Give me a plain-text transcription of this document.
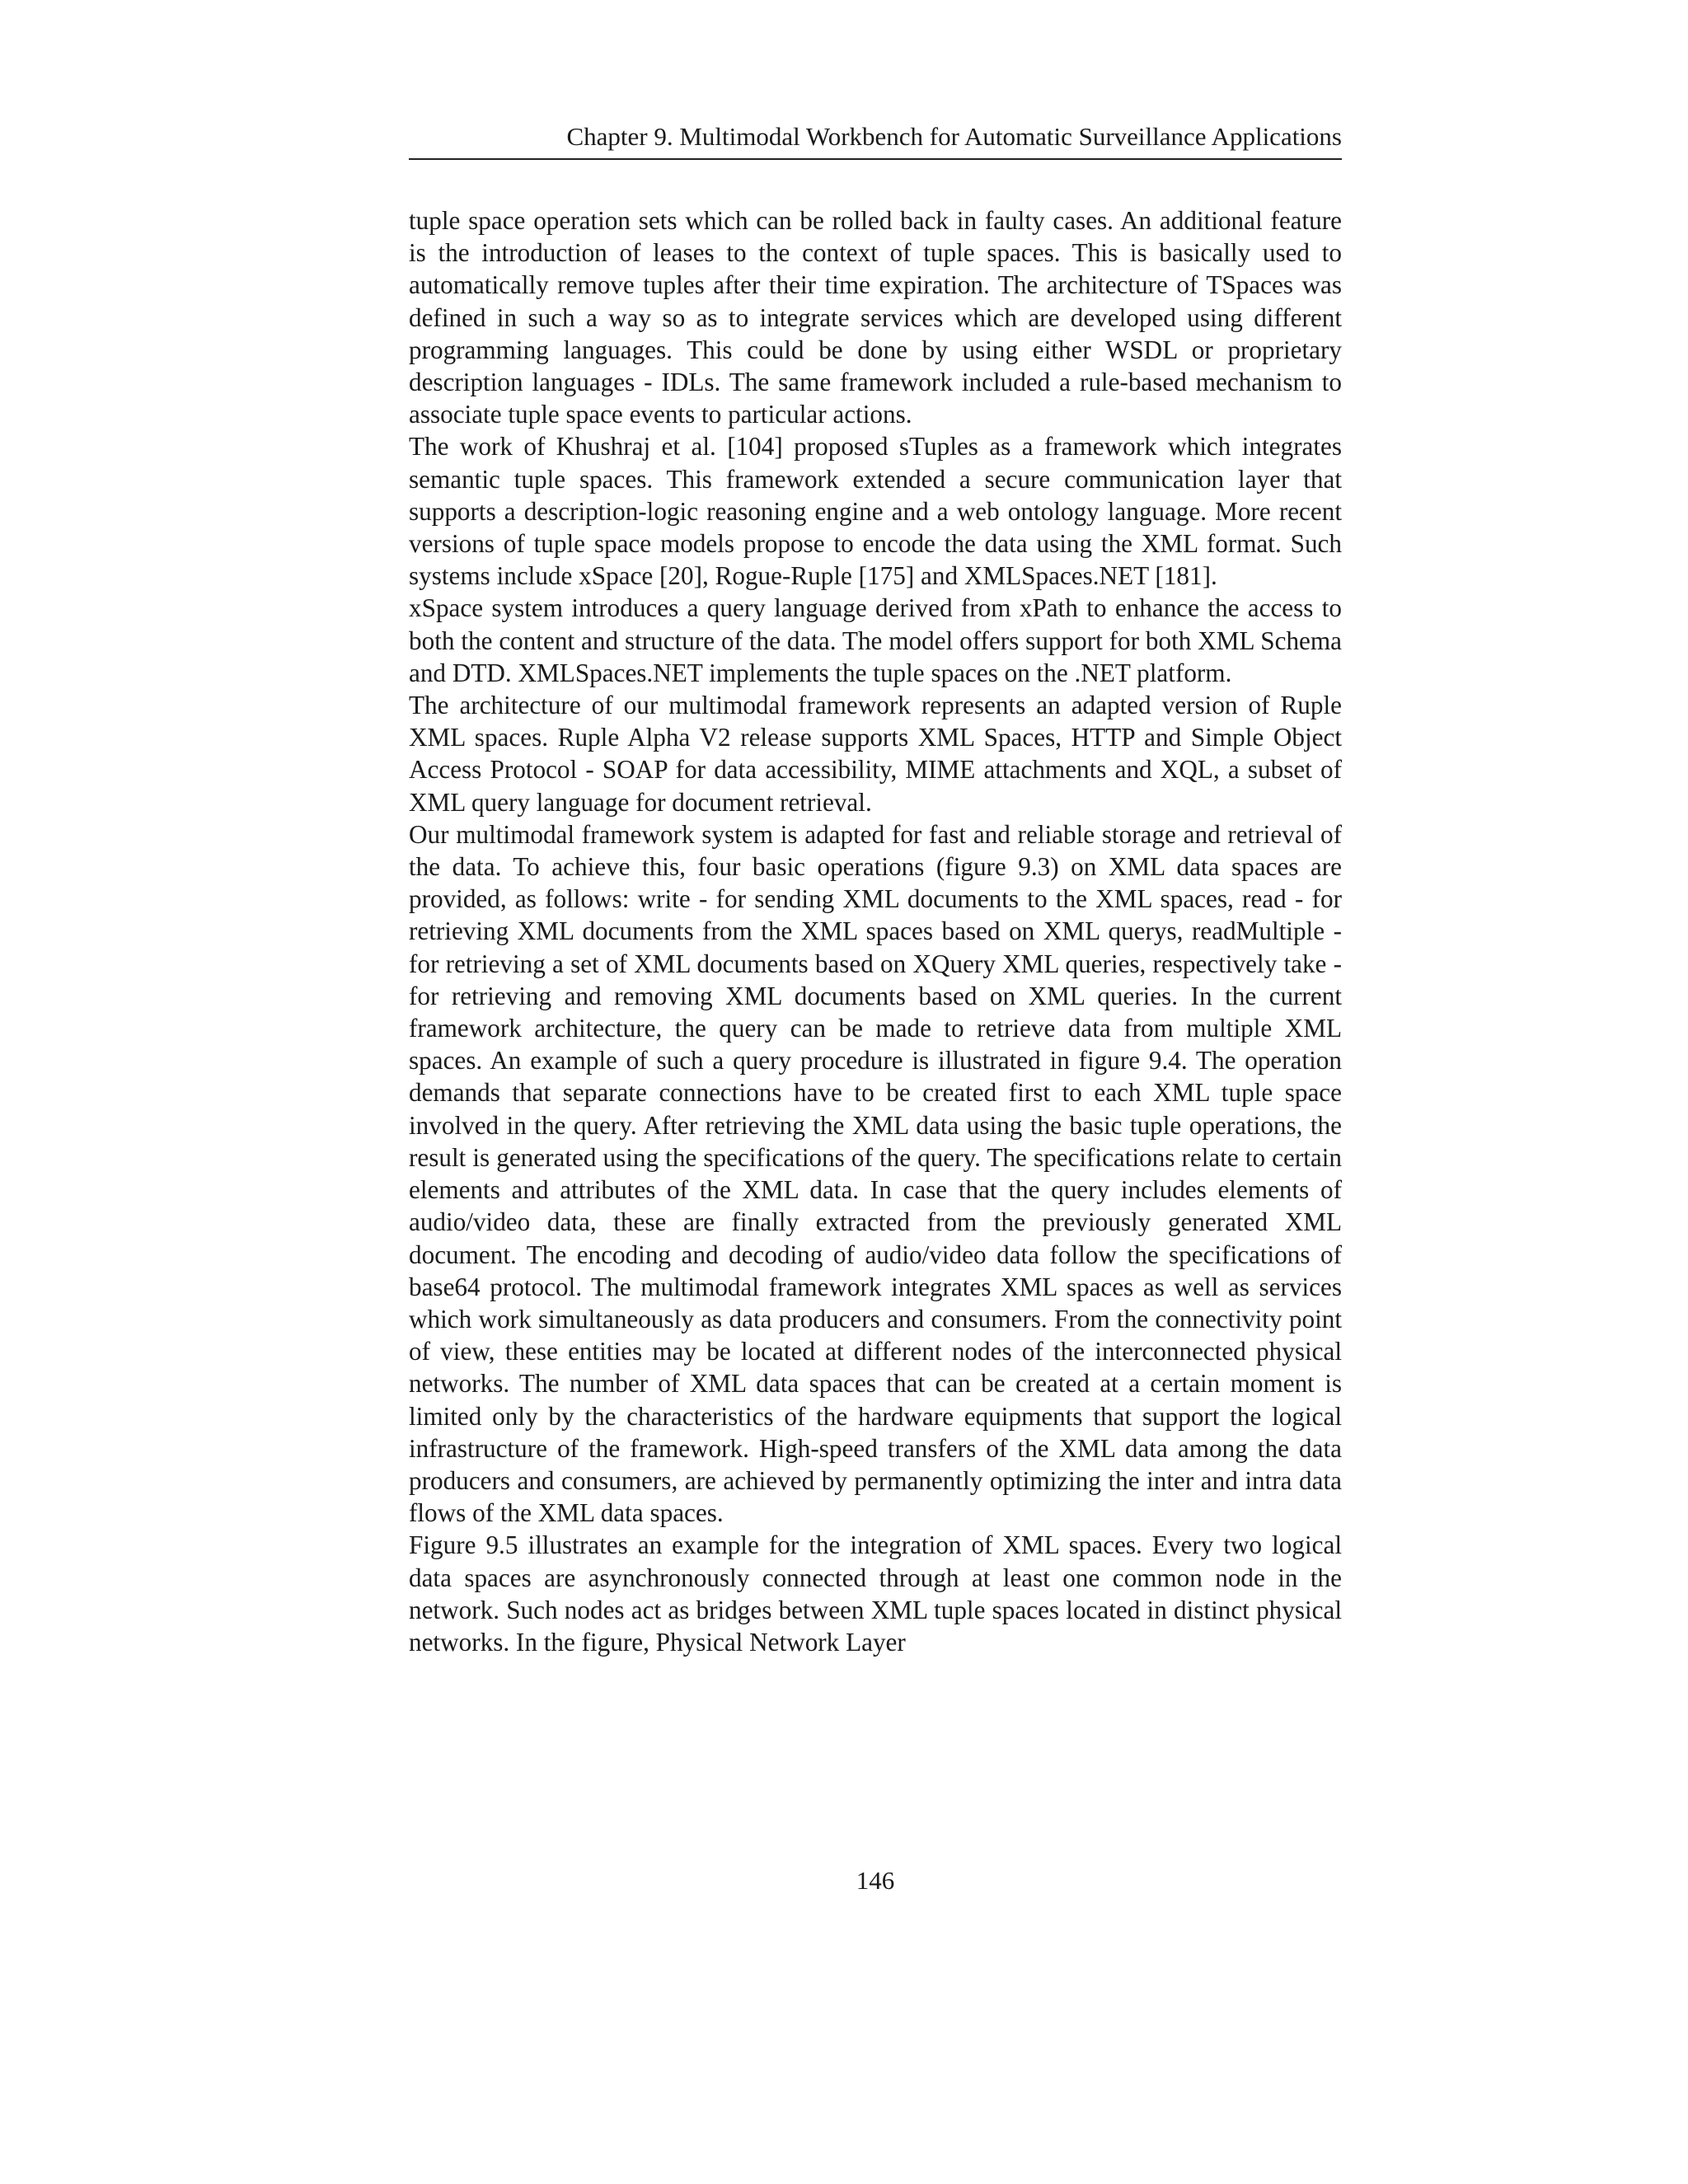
Chapter 9. Multimodal Workbench for Automatic Surveillance Applications

tuple space operation sets which can be rolled back in faulty cases. An additional feature is the introduction of leases to the context of tuple spaces. This is basically used to automatically remove tuples after their time expiration. The architecture of TSpaces was defined in such a way so as to integrate services which are developed using different programming languages. This could be done by using either WSDL or proprietary description languages - IDLs. The same framework included a rule-based mechanism to associate tuple space events to particular actions.

The work of Khushraj et al. [104] proposed sTuples as a framework which integrates semantic tuple spaces. This framework extended a secure communication layer that supports a description-logic reasoning engine and a web ontology language. More recent versions of tuple space models propose to encode the data using the XML format. Such systems include xSpace [20], Rogue-Ruple [175] and XMLSpaces.NET [181].

xSpace system introduces a query language derived from xPath to enhance the access to both the content and structure of the data. The model offers support for both XML Schema and DTD. XMLSpaces.NET implements the tuple spaces on the .NET platform.

The architecture of our multimodal framework represents an adapted version of Ruple XML spaces. Ruple Alpha V2 release supports XML Spaces, HTTP and Simple Object Access Protocol - SOAP for data accessibility, MIME attachments and XQL, a subset of XML query language for document retrieval.

Our multimodal framework system is adapted for fast and reliable storage and retrieval of the data. To achieve this, four basic operations (figure 9.3) on XML data spaces are provided, as follows: write - for sending XML documents to the XML spaces, read - for retrieving XML documents from the XML spaces based on XML querys, readMultiple - for retrieving a set of XML documents based on XQuery XML queries, respectively take - for retrieving and removing XML documents based on XML queries. In the current framework architecture, the query can be made to retrieve data from multiple XML spaces. An example of such a query procedure is illustrated in figure 9.4. The operation demands that separate connections have to be created first to each XML tuple space involved in the query. After retrieving the XML data using the basic tuple operations, the result is generated using the specifications of the query. The specifications relate to certain elements and attributes of the XML data. In case that the query includes elements of audio/video data, these are finally extracted from the previously generated XML document. The encoding and decoding of audio/video data follow the specifications of base64 protocol. The multimodal framework integrates XML spaces as well as services which work simultaneously as data producers and consumers. From the connectivity point of view, these entities may be located at different nodes of the interconnected physical networks. The number of XML data spaces that can be created at a certain moment is limited only by the characteristics of the hardware equipments that support the logical infrastructure of the framework. High-speed transfers of the XML data among the data producers and consumers, are achieved by permanently optimizing the inter and intra data flows of the XML data spaces.

Figure 9.5 illustrates an example for the integration of XML spaces. Every two logical data spaces are asynchronously connected through at least one common node in the network. Such nodes act as bridges between XML tuple spaces located in distinct physical networks. In the figure, Physical Network Layer

146
